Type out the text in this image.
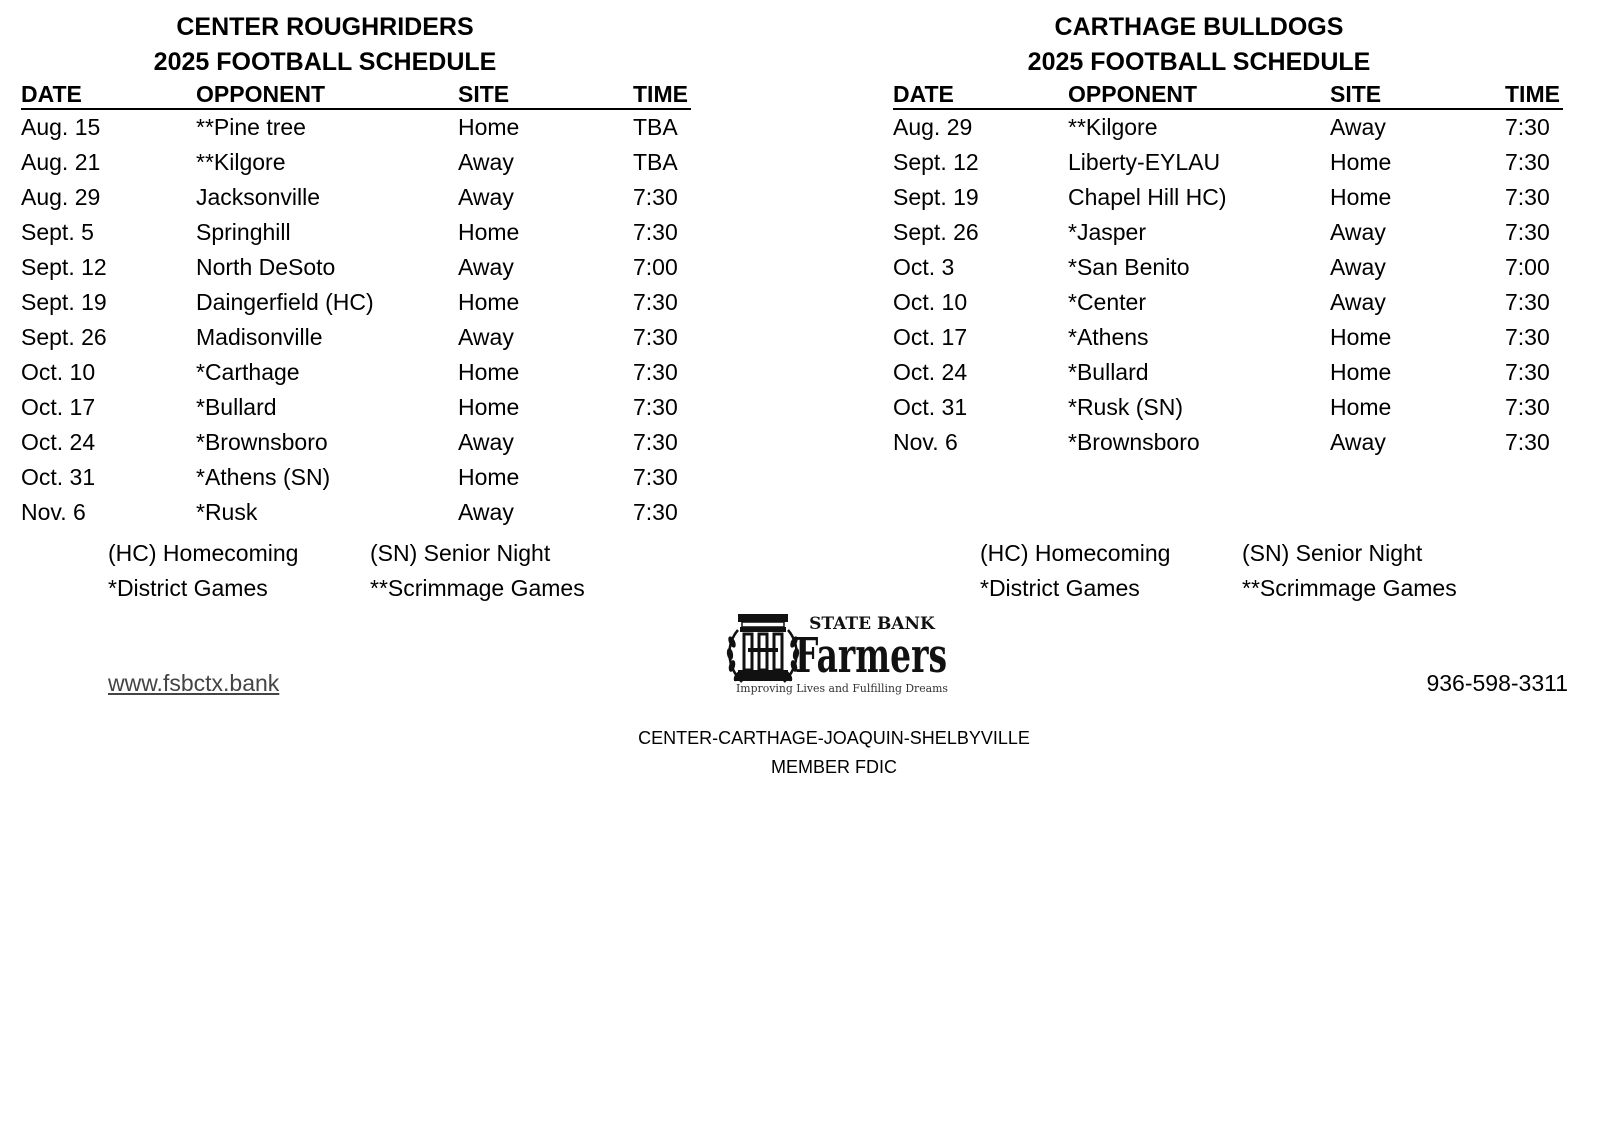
CENTER ROUGHRIDERS
2025 FOOTBALL SCHEDULE
DATE	OPPONENT	SITE	TIME
Aug. 15	**Pine tree	Home	TBA
Aug. 21	**Kilgore	Away	TBA
Aug. 29	Jacksonville	Away	7:30
Sept. 5	Springhill	Home	7:30
Sept. 12	North DeSoto	Away	7:00
Sept. 19	Daingerfield (HC)	Home	7:30
Sept. 26	Madisonville	Away	7:30
Oct. 10	*Carthage	Home	7:30
Oct. 17	*Bullard	Home	7:30
Oct. 24	*Brownsboro	Away	7:30
Oct. 31	*Athens (SN)	Home	7:30
Nov. 6	*Rusk	Away	7:30
CARTHAGE BULLDOGS
2025 FOOTBALL SCHEDULE
DATE	OPPONENT	SITE	TIME
Aug. 29	**Kilgore	Away	7:30
Sept. 12	Liberty-EYLAU	Home	7:30
Sept. 19	Chapel Hill HC)	Home	7:30
Sept. 26	*Jasper	Away	7:30
Oct. 3	*San Benito	Away	7:00
Oct. 10	*Center	Away	7:30
Oct. 17	*Athens	Home	7:30
Oct. 24	*Bullard	Home	7:30
Oct. 31	*Rusk (SN)	Home	7:30
Nov. 6	*Brownsboro	Away	7:30
(HC) Homecoming	(SN) Senior Night
*District Games	**Scrimmage Games
(HC) Homecoming	(SN) Senior Night
*District Games	**Scrimmage Games
www.fsbctx.bank
STATE BANK
Farmers
Improving Lives and Fulfilling Dreams	936-598-3311
CENTER-CARTHAGE-JOAQUIN-SHELBYVILLE
MEMBER FDIC
